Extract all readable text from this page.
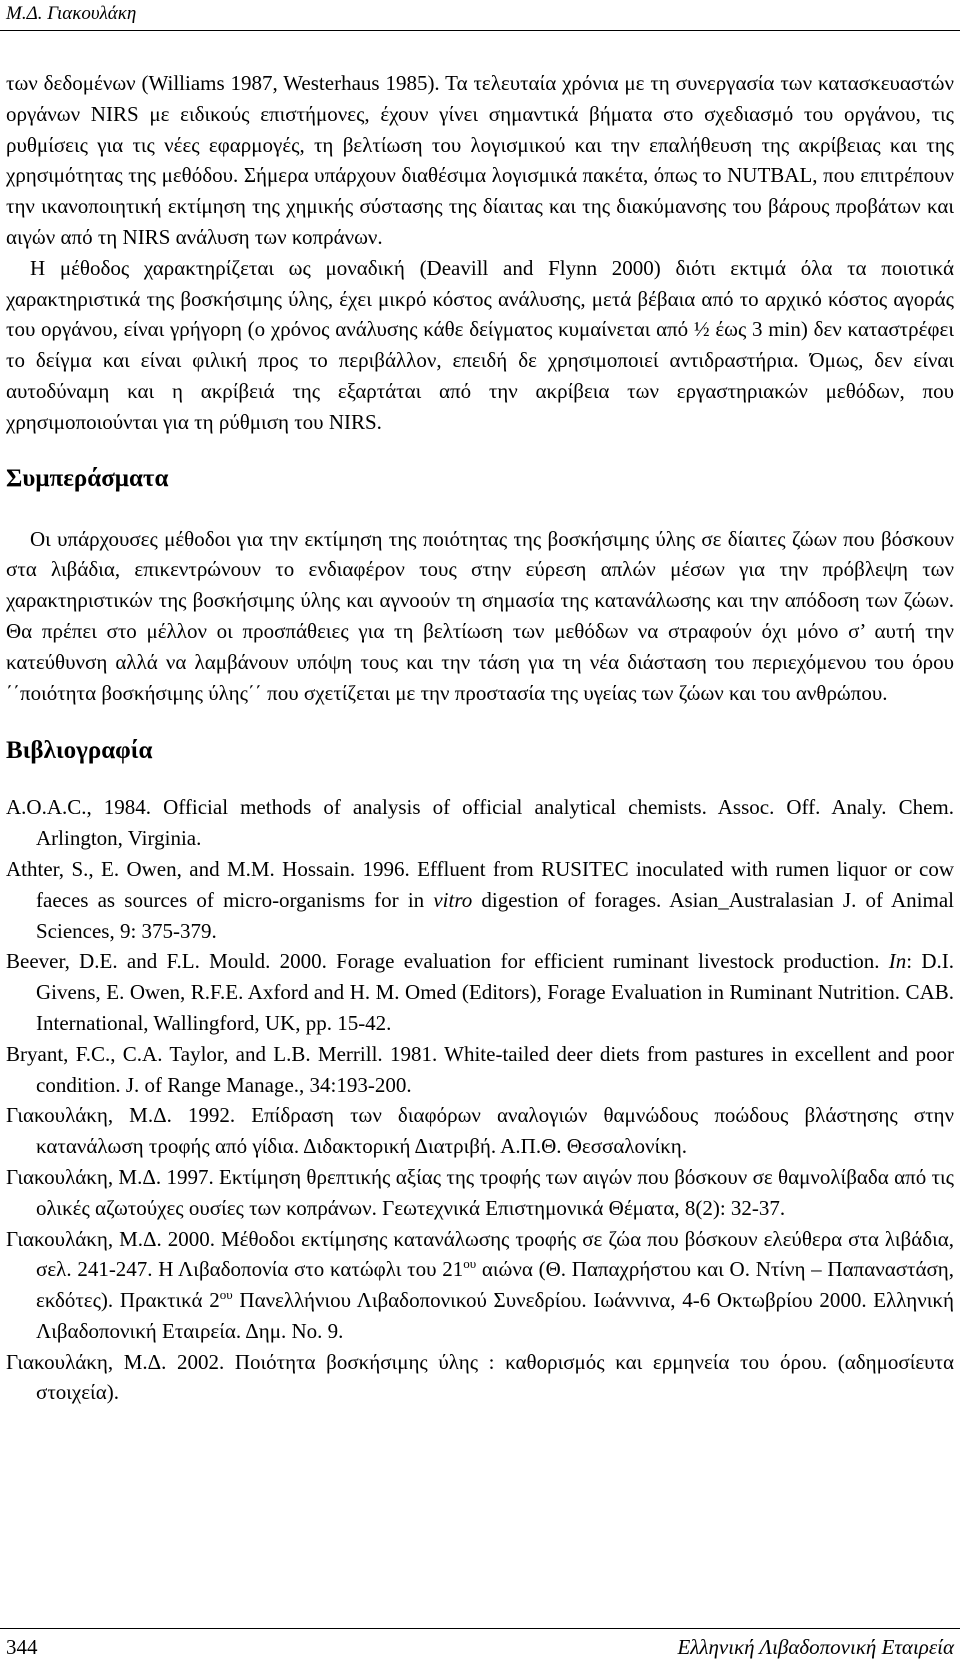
Μ.Δ. Γιακουλάκη

των δεδομένων (Williams 1987, Westerhaus 1985). Τα τελευταία χρόνια με τη συνεργασία των κατασκευαστών οργάνων NIRS με ειδικούς επιστήμονες, έχουν γίνει σημαντικά βήματα στο σχεδιασμό του οργάνου, τις ρυθμίσεις για τις νέες εφαρμογές, τη βελτίωση του λογισμικού και την επαλήθευση της ακρίβειας και της χρησιμότητας της μεθόδου. Σήμερα υπάρχουν διαθέσιμα λογισμικά πακέτα, όπως το NUTBAL, που επιτρέπουν την ικανοποιητική εκτίμηση της χημικής σύστασης της δίαιτας και της διακύμανσης του βάρους προβάτων και αιγών από τη NIRS ανάλυση των κοπράνων.

Η μέθοδος χαρακτηρίζεται ως μοναδική (Deavill and Flynn 2000) διότι εκτιμά όλα τα ποιοτικά χαρακτηριστικά της βοσκήσιμης ύλης, έχει μικρό κόστος ανάλυσης, μετά βέβαια από το αρχικό κόστος αγοράς του οργάνου, είναι γρήγορη (ο χρόνος ανάλυσης κάθε δείγματος κυμαίνεται από ½ έως 3 min) δεν καταστρέφει το δείγμα και είναι φιλική προς το περιβάλλον, επειδή δε χρησιμοποιεί αντιδραστήρια. Όμως, δεν είναι αυτοδύναμη και η ακρίβειά της εξαρτάται από την ακρίβεια των εργαστηριακών μεθόδων, που χρησιμοποιούνται για τη ρύθμιση του NIRS.

Συμπεράσματα

Οι υπάρχουσες μέθοδοι για την εκτίμηση της ποιότητας της βοσκήσιμης ύλης σε δίαιτες ζώων που βόσκουν στα λιβάδια, επικεντρώνουν το ενδιαφέρον τους στην εύρεση απλών μέσων για την πρόβλεψη των χαρακτηριστικών της βοσκήσιμης ύλης και αγνοούν τη σημασία της κατανάλωσης και την απόδοση των ζώων. Θα πρέπει στο μέλλον οι προσπάθειες για τη βελτίωση των μεθόδων να στραφούν όχι μόνο σ’ αυτή την κατεύθυνση αλλά να λαμβάνουν υπόψη τους και την τάση για τη νέα διάσταση του περιεχόμενου του όρου ΄΄ποιότητα βοσκήσιμης ύλης΄΄ που σχετίζεται με την προστασία της υγείας των ζώων και του ανθρώπου.

Βιβλιογραφία
A.O.A.C., 1984. Official methods of analysis of official analytical chemists. Assoc. Off. Analy. Chem. Arlington, Virginia.
Athter, S., E. Owen, and M.M. Hossain. 1996. Effluent from RUSITEC inoculated with rumen liquor or cow faeces as sources of micro-organisms for in vitro digestion of forages. Asian_Australasian J. of Animal Sciences, 9: 375-379.
Beever, D.E. and F.L. Mould. 2000. Forage evaluation for efficient ruminant livestock production. In: D.I. Givens, E. Owen, R.F.E. Axford and H. M. Omed (Editors), Forage Evaluation in Ruminant Nutrition. CAB. International, Wallingford, UK, pp. 15-42.
Bryant, F.C., C.A. Taylor, and L.B. Merrill. 1981. White-tailed deer diets from pastures in excellent and poor condition. J. of Range Manage., 34:193-200.
Γιακουλάκη, Μ.Δ. 1992. Επίδραση των διαφόρων αναλογιών θαμνώδους ποώδους βλάστησης στην κατανάλωση τροφής από γίδια. Διδακτορική Διατριβή. Α.Π.Θ. Θεσσαλονίκη.
Γιακουλάκη, Μ.Δ. 1997. Εκτίμηση θρεπτικής αξίας της τροφής των αιγών που βόσκουν σε θαμνολίβαδα από τις ολικές αζωτούχες ουσίες των κοπράνων. Γεωτεχνικά Επιστημονικά Θέματα, 8(2): 32-37.
Γιακουλάκη, Μ.Δ. 2000. Μέθοδοι εκτίμησης κατανάλωσης τροφής σε ζώα που βόσκουν ελεύθερα στα λιβάδια, σελ. 241-247. Η Λιβαδοπονία στο κατώφλι του $21^{o\upsilon}$ αιώνα (Θ. Παπαχρήστου και Ο. Ντίνη – Παπαναστάση, εκδότες). Πρακτικά $2^{o\upsilon}$ Πανελλήνιου Λιβαδοπονικού Συνεδρίου. Ιωάννινα, 4-6 Οκτωβρίου 2000. Ελληνική Λιβαδοπονική Εταιρεία. Δημ. No. 9.
Γιακουλάκη, Μ.Δ. 2002. Ποιότητα βοσκήσιμης ύλης : καθορισμός και ερμηνεία του όρου. (αδημοσίευτα στοιχεία).
344	Ελληνική Λιβαδοπονική Εταιρεία
